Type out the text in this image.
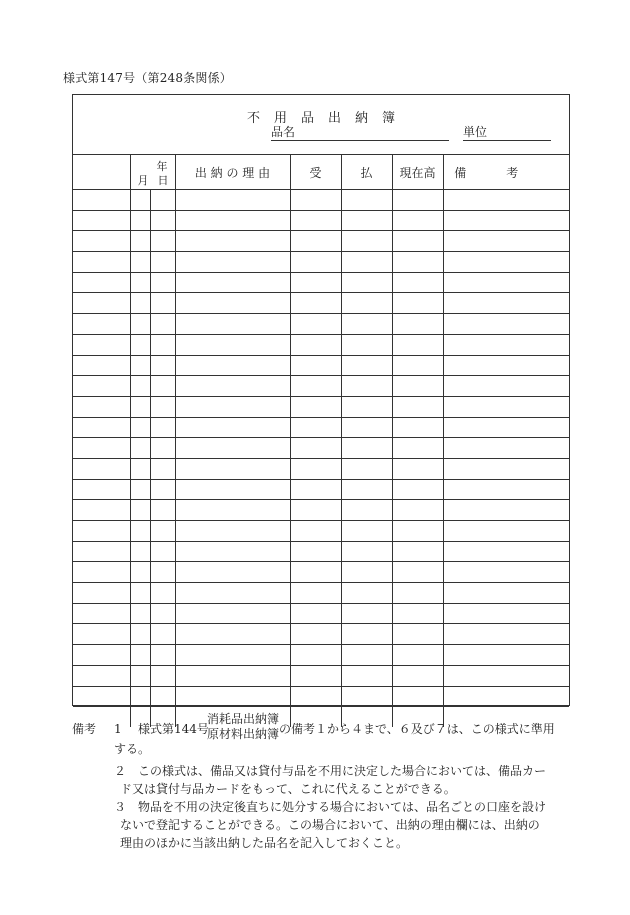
様式第147号（第248条関係）
不用品出納簿
品名	単位

	年
月 日		出 納 の 理 由	受	払	現在高	備考

備考 1 様式第144号
消耗品出納簿
原材料出納簿 の備考１から４まで、６及び７は、この様式に準用
する。
２　この様式は、備品又は貸付与品を不用に決定した場合においては、備品カー
ド又は貸付与品カードをもって、これに代えることができる。
３　物品を不用の決定後直ちに処分する場合においては、品名ごとの口座を設け
ないで登記することができる。この場合において、出納の理由欄には、出納の
理由のほかに当該出納した品名を記入しておくこと。
